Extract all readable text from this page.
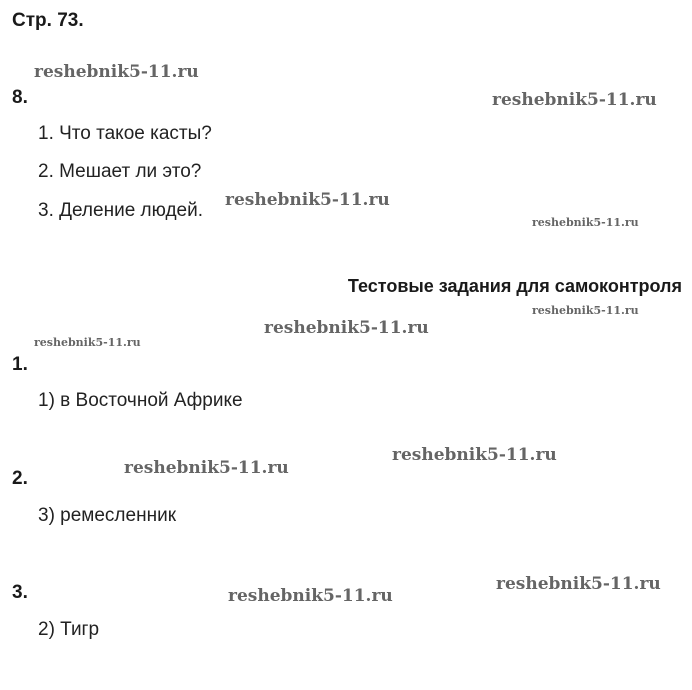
Стр. 73.
8.
1. Что такое касты?
2. Мешает ли это?
3. Деление людей.
Тестовые задания для самоконтроля
1.
1) в Восточной Африке
2.
3) ремесленник
3.
2) Тигр
reshebnik5-11.ru
reshebnik5-11.ru
reshebnik5-11.ru
reshebnik5-11.ru
reshebnik5-11.ru
reshebnik5-11.ru
reshebnik5-11.ru
reshebnik5-11.ru
reshebnik5-11.ru
reshebnik5-11.ru
reshebnik5-11.ru
